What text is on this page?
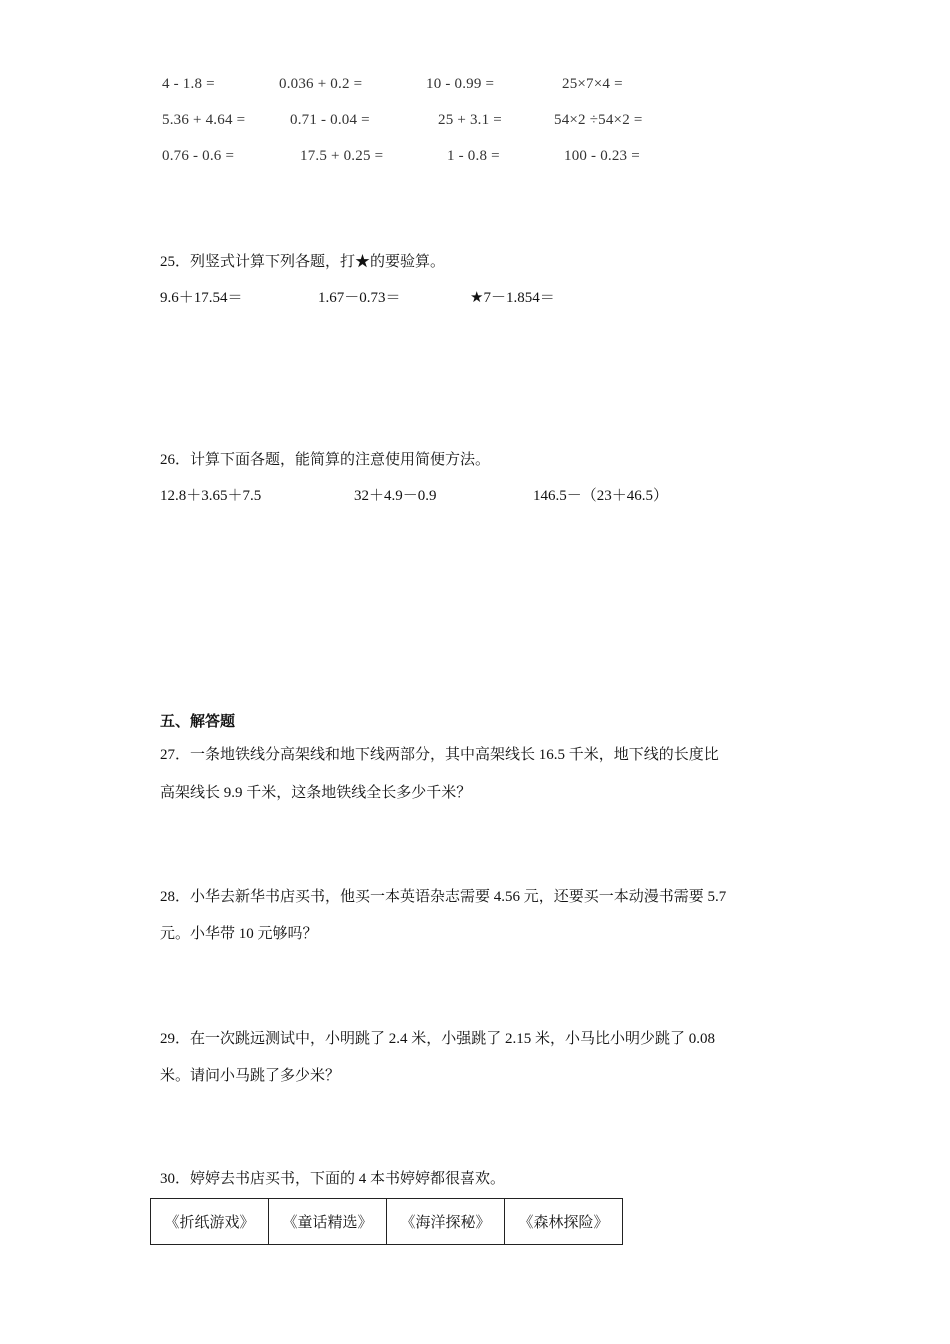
4 - 1.8 =	0.036 + 0.2 =	10 - 0.99 =	25×7×4 =
5.36 + 4.64 =	0.71 - 0.04 =	25 + 3.1 =	54×2 ÷54×2 =
0.76 - 0.6 =	17.5 + 0.25 =	1 - 0.8 =	100 - 0.23 =
25．列竖式计算下列各题，打★的要验算。
9.6＋17.54＝	1.67－0.73＝	★7－1.854＝
26．计算下面各题，能简算的注意使用简便方法。
12.8＋3.65＋7.5	32＋4.9－0.9	146.5－（23＋46.5）
五、解答题
27．一条地铁线分高架线和地下线两部分，其中高架线长 16.5 千米，地下线的长度比
高架线长 9.9 千米，这条地铁线全长多少千米？
28．小华去新华书店买书，他买一本英语杂志需要 4.56 元，还要买一本动漫书需要 5.7
元。小华带 10 元够吗？
29．在一次跳远测试中，小明跳了 2.4 米，小强跳了 2.15 米，小马比小明少跳了 0.08
米。请问小马跳了多少米？
30．婷婷去书店买书，下面的 4 本书婷婷都很喜欢。
《折纸游戏》	《童话精选》	《海洋探秘》	《森林探险》
